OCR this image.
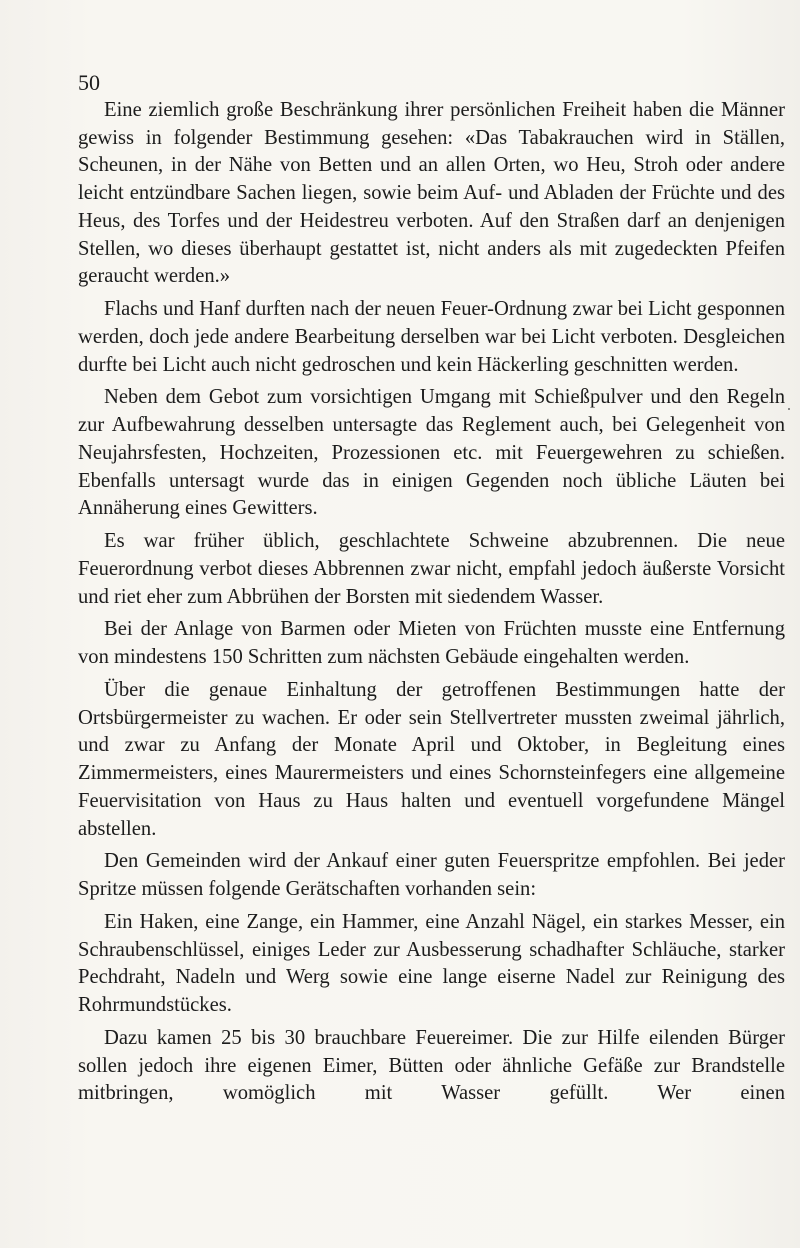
50

Eine ziemlich große Beschränkung ihrer persönlichen Freiheit haben die Männer gewiss in folgender Bestimmung gesehen: «Das Tabakrauchen wird in Ställen, Scheunen, in der Nähe von Betten und an allen Orten, wo Heu, Stroh oder andere leicht entzündbare Sachen liegen, sowie beim Auf- und Abladen der Früchte und des Heus, des Torfes und der Heidestreu verboten. Auf den Straßen darf an denjenigen Stellen, wo dieses überhaupt gestattet ist, nicht anders als mit zugedeckten Pfeifen geraucht werden.»

Flachs und Hanf durften nach der neuen Feuer-Ordnung zwar bei Licht gesponnen werden, doch jede andere Bearbeitung derselben war bei Licht verboten. Desgleichen durfte bei Licht auch nicht gedroschen und kein Häckerling geschnitten werden.

Neben dem Gebot zum vorsichtigen Umgang mit Schießpulver und den Regeln zur Aufbewahrung desselben untersagte das Reglement auch, bei Gelegenheit von Neujahrsfesten, Hochzeiten, Prozessionen etc. mit Feuergewehren zu schießen. Ebenfalls untersagt wurde das in einigen Gegenden noch übliche Läuten bei Annäherung eines Gewitters.

Es war früher üblich, geschlachtete Schweine abzubrennen. Die neue Feuerordnung verbot dieses Abbrennen zwar nicht, empfahl jedoch äußerste Vorsicht und riet eher zum Abbrühen der Borsten mit siedendem Wasser.

Bei der Anlage von Barmen oder Mieten von Früchten musste eine Entfernung von mindestens 150 Schritten zum nächsten Gebäude eingehalten werden.

Über die genaue Einhaltung der getroffenen Bestimmungen hatte der Ortsbürgermeister zu wachen. Er oder sein Stellvertreter mussten zweimal jährlich, und zwar zu Anfang der Monate April und Oktober, in Begleitung eines Zimmermeisters, eines Maurermeisters und eines Schornsteinfegers eine allgemeine Feuervisitation von Haus zu Haus halten und eventuell vorgefundene Mängel abstellen.

Den Gemeinden wird der Ankauf einer guten Feuerspritze empfohlen. Bei jeder Spritze müssen folgende Gerätschaften vorhanden sein:

Ein Haken, eine Zange, ein Hammer, eine Anzahl Nägel, ein starkes Messer, ein Schraubenschlüssel, einiges Leder zur Ausbesserung schadhafter Schläuche, starker Pechdraht, Nadeln und Werg sowie eine lange eiserne Nadel zur Reinigung des Rohrmundstückes.

Dazu kamen 25 bis 30 brauchbare Feuereimer. Die zur Hilfe eilenden Bürger sollen jedoch ihre eigenen Eimer, Bütten oder ähnliche Gefäße zur Brandstelle mitbringen, womöglich mit Wasser gefüllt. Wer einen
